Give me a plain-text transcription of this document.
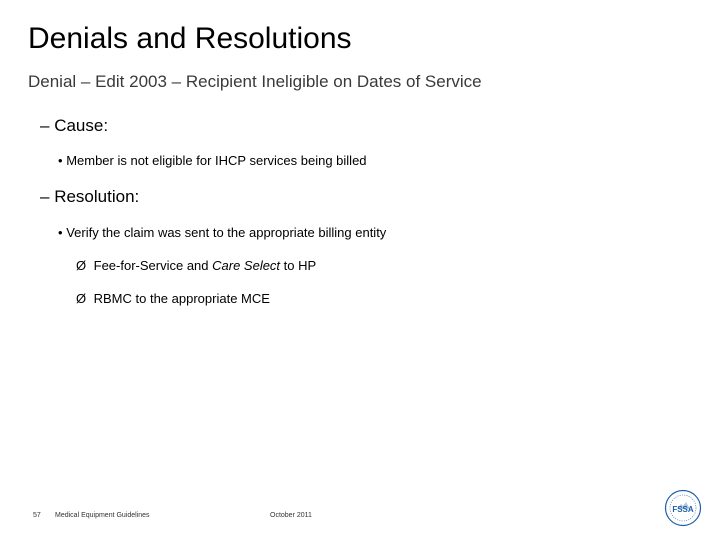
Denials and Resolutions
Denial – Edit 2003 – Recipient Ineligible on Dates of Service
– Cause:
• Member is not eligible for IHCP services being billed
– Resolution:
• Verify the claim was sent to the appropriate billing entity
Ø Fee-for-Service and Care Select to HP
Ø RBMC to the appropriate MCE
57 Medical Equipment Guidelines	October 2011
FSSA
